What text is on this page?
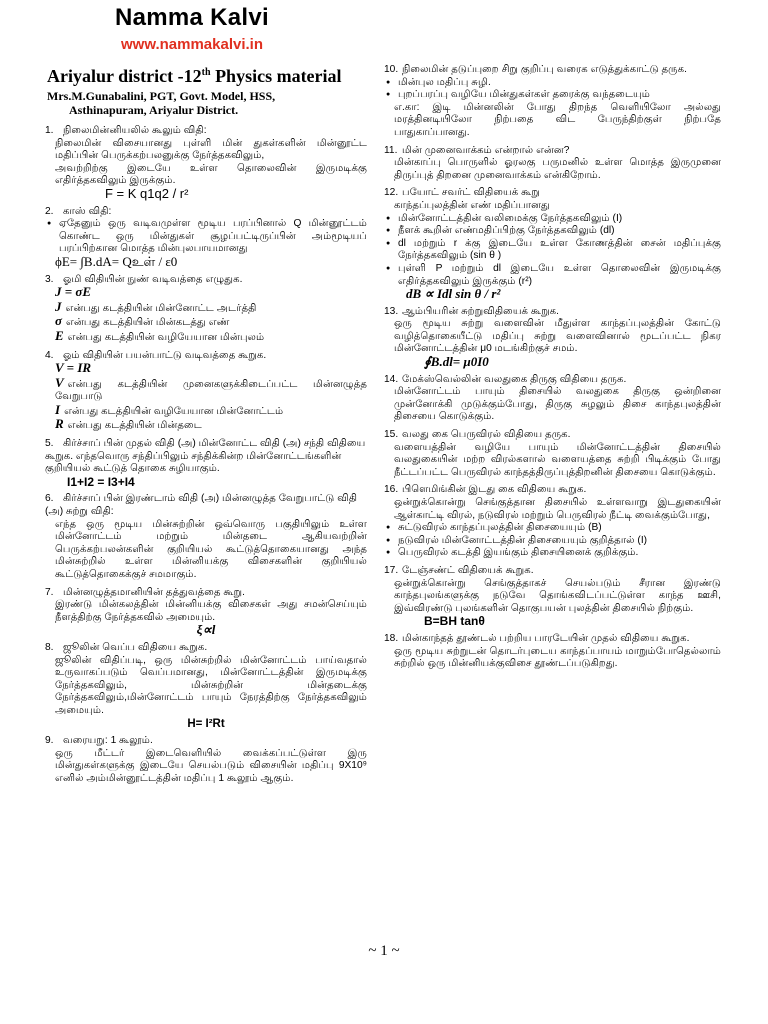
Namma Kalvi
www.nammakalvi.in
Ariyalur district -12th Physics material
Mrs.M.Gunabalini, PGT, Govt. Model, HSS,
Asthinapuram, Ariyalur District.
1. நிலைமின்னியலில் கூலும் விதி:
நிலைமின் விசையானது புள்ளி மின் துகள்களின் மின்னூட்ட மதிப்பின் பெருக்கற்பலனுக்கு நேர்த்தகவிலும்,
அவற்றிற்கு இடையே உள்ள தொலைவின் இருமடிக்கு எதிர்த்தகவிலும் இருக்கும்.
F = K q1q2 / r²
2. காஸ் விதி:
● ஏதேனும் ஒரு வடிவமுள்ள மூடிய பரப்பினால் Q மின்னூட்டம் கொண்ட ஒரு மின்துகள் சூழப்பட்டிருப்பின் அம்மூடியப் பரப்பிற்கான மொத்த மின்புலபாயமானது
ϕE= ∫B.dA= Qஉள் / ε0
3. ஓமி விதியின் நுண் வடிவத்தை எழுதுக.
J = σE
J என்பது கடத்தியின் மின்னோட்ட அடர்த்தி
σ என்பது கடத்தியின் மின்கடத்து எண்
E என்பது கடத்தியின் வழியேயான மின்புலம்
4. ஓம் விதியின் பயன்பாட்டு வடிவத்தை கூறுக.
V = IR
V என்பது கடத்தியின் முனைகளுக்கிடைப்பட்ட மின்னழுத்த வேறுபாடு
I என்பது கடத்தியின் வழியேயான மின்னோட்டம்
R என்பது கடத்தியின் மின்தடை
5. கிர்ச்சாப் பின் முதல் விதி (அ) மின்னோட்ட விதி (அ) சந்தி விதியை கூறுக. எந்தவொரு சந்திப்பிலும் சந்திக்கின்ற மின்னோட்டங்களின் குறியியல் கூட்டுத் தொகை சுழியாகும்.
I1+I2 = I3+I4
6. கிர்ச்சாப் பின் இரண்டாம் விதி (அ) மின்னழுத்த வேறுபாட்டு விதி (அ) சுற்று விதி:
எந்த ஒரு மூடிய மின்சுற்றின் ஒவ்வொரு பகுதியிலும் உள்ள மின்னோட்டம் மற்றும் மின்தடை ஆகியவற்றின் பெருக்கற்பலன்களின் குறியியல் கூட்டுத்தொகையானது அந்த மின்சுற்றில் உள்ள மின்னியக்கு விசைகளின் குறியியல் கூட்டுத்தொகைக்குச் சமமாகும்.
7. மின்னழுத்தமானியின் தத்துவத்தை கூறு.
இரண்டு மின்கலத்தின் மின்னியக்கு விசைகள் அது சமன்செய்யும் நீளத்திற்கு நேர்த்தகவில் அமையும்.
ξ∝l
8. ஜூலின் வெப்ப விதியை கூறுக.
ஜூலின் விதிப்படி, ஒரு மின்சுற்றில் மின்னோட்டம் பாய்வதால் உருவாகப்படும் வெப்பமானது, மின்னோட்டத்தின் இருமடிக்கு நேர்த்தகவிலும், மின்சுற்றின் மின்தடைக்கு நேர்த்தகவிலும்,மின்னோட்டம் பாயும் நேரத்திற்கு நேர்த்தகவிலும் அமையும்.
H= I²Rt
9. வரையறு: 1 கூலூம்.
ஒரு மீட்டர் இடைவெளியில் வைக்கப்பட்டுள்ள இரு மின்துகள்களுக்கு இடையே செயல்படும் விசையின் மதிப்பு 9X10⁹ எனில் அம்மின்னூட்டத்தின் மதிப்பு 1 கூலூம் ஆகும்.
10. நிலைமின் தடுப்புறை சிறு குறிப்பு வரைக எடுத்துக்காட்டு தருக.
● மின்புல மதிப்பு சுழி.
● புறப்பரப்பு வழியே மின்துகள்கள் தரைக்கு வந்தடையும்
எ.கா: இடி மின்னலின் போது திறந்த வெளியிலோ அல்லது மரத்தினடியிலோ நிற்பதை விட பேருந்திற்குள் நிற்பதே பாதுகாப்பானது.
11. மின் முனைவாக்கம் என்றால் என்ன?
மின்காப்பு பொருளில் ஓரலகு பருமனில் உள்ள மொத்த இருமுனை திருப்புத் திறனை முனைவாக்கம் என்கிறோம்.
12. பயோட் சவர்ட் விதியைக் கூறு
காந்தப்புலத்தின் எண் மதிப்பானது
● மின்னோட்டத்தின் வலிமைக்கு நேர்த்தகவிலும் (I)
● நீளக் கூறின் எண்மதிப்பிற்கு நேர்த்தகவிலும் (dl)
● dl மற்றும் r க்கு இடையே உள்ள கோணத்தின் சைன் மதிப்புக்கு நேர்த்தகவிலும் (sin θ )
● புள்ளி P மற்றும் dl இடையே உள்ள தொலைவின் இருமடிக்கு எதிர்த்தகவிலும் இருக்கும் (r²)
dB ∝ Idl sin θ / r²
13. ஆம்பியரின் சுற்றுவிதியைக் கூறுக.
ஒரு மூடிய சுற்று வளைவின் மீதுள்ள காந்தப்புலத்தின் கோட்டு வழித்தொகையீட்டு மதிப்பு சுற்று வளைவினால் மூடப்பட்ட நிகர மின்னோட்டத்தின் μ0 மடங்கிற்குச் சமம்.
∮B.dl= μ0I0
14. மேக்ஸ்வெல்லின் வலதுகை திருகு விதியை தருக.
மின்னோட்டம் பாயும் திசையில் வலதுகை திருகு ஒன்றினை முன்னோக்கி முடுக்கும்போது, திருகு சுழலும் திசை காந்தபுலத்தின் திசையை கொடுக்கும்.
15. வலது கை பெருவிரல் விதியை தருக.
வளையத்தின் வழியே பாயும் மின்னோட்டத்தின் திசையில் வலதுகையின் மற்ற விரல்களால் வளையத்தை சுற்றி பிடிக்கும் போது நீட்டப்பட்ட பெருவிரல் காந்தத்திருப்புத்திறனின் திசையை கொடுக்கும்.
16. பிளெமிங்கின் இடது கை விதியை கூறுக.
ஒன்றுக்கொன்று செங்குத்தான திசையில் உள்ளவாறு இடதுகையின் ஆள்காட்டி விரல், நடுவிரல் மற்றும் பெருவிரல் நீட்டி வைக்கும்போது,
● சுட்டுவிரல் காந்தப்புலத்தின் திசையையும் (B)
● நடுவிரல் மின்னோட்டத்தின் திசையையும் குறித்தால் (I)
● பெருவிரல் கடத்தி இயங்கும் திசையினைக் குறிக்கும்.
17. டேஞ்சண்ட் விதியைக் கூறுக.
ஒன்றுக்கொன்று செங்குத்தாகச் செயல்படும் சீரான இரண்டு காந்தபுலங்களுக்கு நடுவே தொங்கவிடப்பட்டுள்ள காந்த ஊசி, இவ்விரண்டு புலங்களின் தொகுபயன் புலத்தின் திசையில் நிற்கும்.
B=BH tanθ
18. மின்காந்தத் தூண்டல் பற்றிய பாரடேயின் முதல் விதியை கூறுக.
ஒரு மூடிய சுற்றுடன் தொடர்புடைய காந்தப்பாயம் மாறும்போதெல்லாம் சுற்றில் ஒரு மின்னியக்குவிசை தூண்டப்படுகிறது.
~ 1 ~
